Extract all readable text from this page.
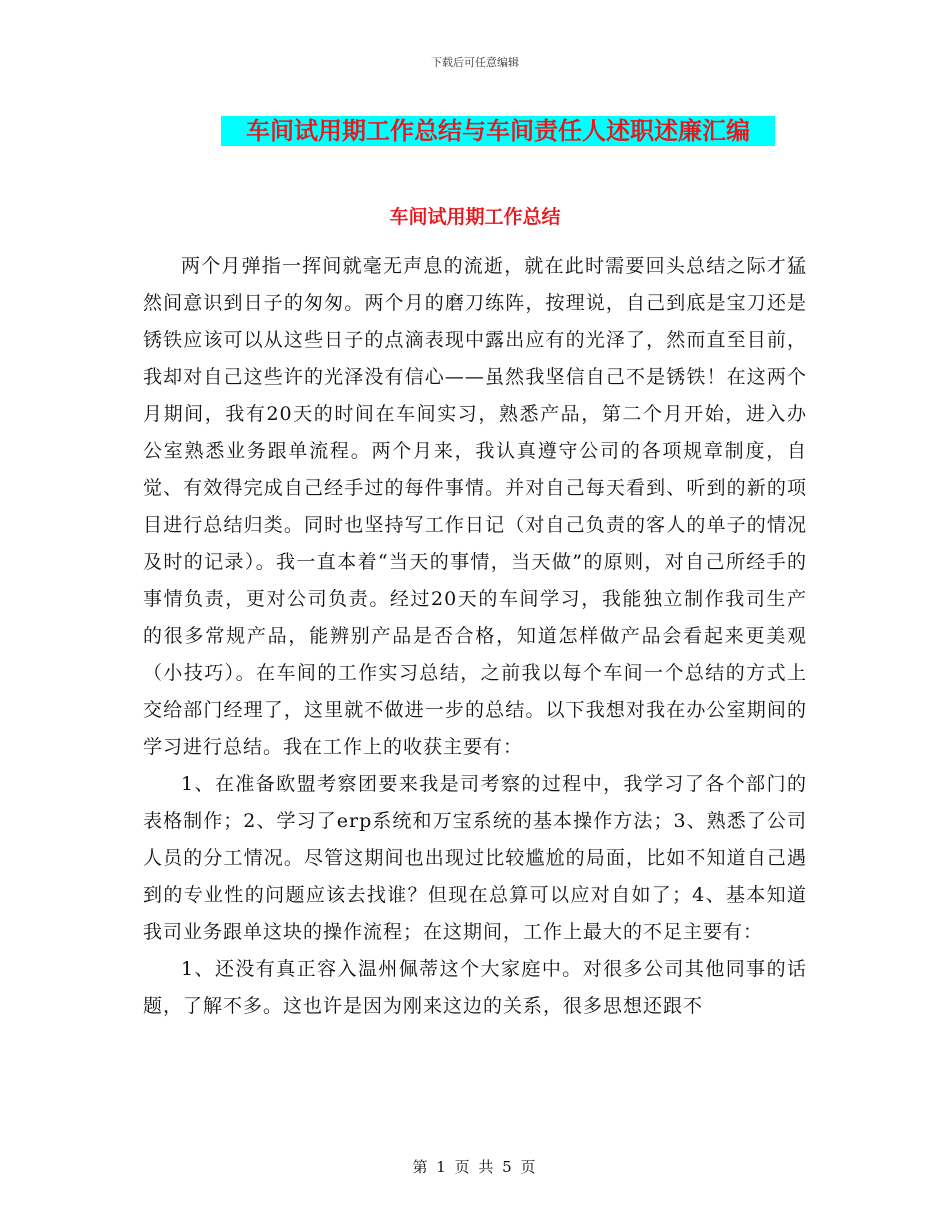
下载后可任意编辑
车间试用期工作总结与车间责任人述职述廉汇编
车间试用期工作总结

两个月弹指一挥间就毫无声息的流逝，就在此时需要回头总结之际才猛然间意识到日子的匆匆。两个月的磨刀练阵，按理说，自己到底是宝刀还是锈铁应该可以从这些日子的点滴表现中露出应有的光泽了，然而直至目前，我却对自己这些许的光泽没有信心——虽然我坚信自己不是锈铁！在这两个月期间，我有20天的时间在车间实习，熟悉产品，第二个月开始，进入办公室熟悉业务跟单流程。两个月来，我认真遵守公司的各项规章制度，自觉、有效得完成自己经手过的每件事情。并对自己每天看到、听到的新的项目进行总结归类。同时也坚持写工作日记（对自己负责的客人的单子的情况及时的记录）。我一直本着“当天的事情，当天做”的原则，对自己所经手的事情负责，更对公司负责。经过20天的车间学习，我能独立制作我司生产的很多常规产品，能辨别产品是否合格，知道怎样做产品会看起来更美观（小技巧）。在车间的工作实习总结，之前我以每个车间一个总结的方式上交给部门经理了，这里就不做进一步的总结。以下我想对我在办公室期间的学习进行总结。我在工作上的收获主要有：

1、在准备欧盟考察团要来我是司考察的过程中，我学习了各个部门的表格制作；2、学习了erp系统和万宝系统的基本操作方法；3、熟悉了公司人员的分工情况。尽管这期间也出现过比较尴尬的局面，比如不知道自己遇到的专业性的问题应该去找谁？但现在总算可以应对自如了；4、基本知道我司业务跟单这块的操作流程；在这期间，工作上最大的不足主要有：

1、还没有真正容入温州佩蒂这个大家庭中。对很多公司其他同事的话题，了解不多。这也许是因为刚来这边的关系，很多思想还跟不

第 1 页 共 5 页
